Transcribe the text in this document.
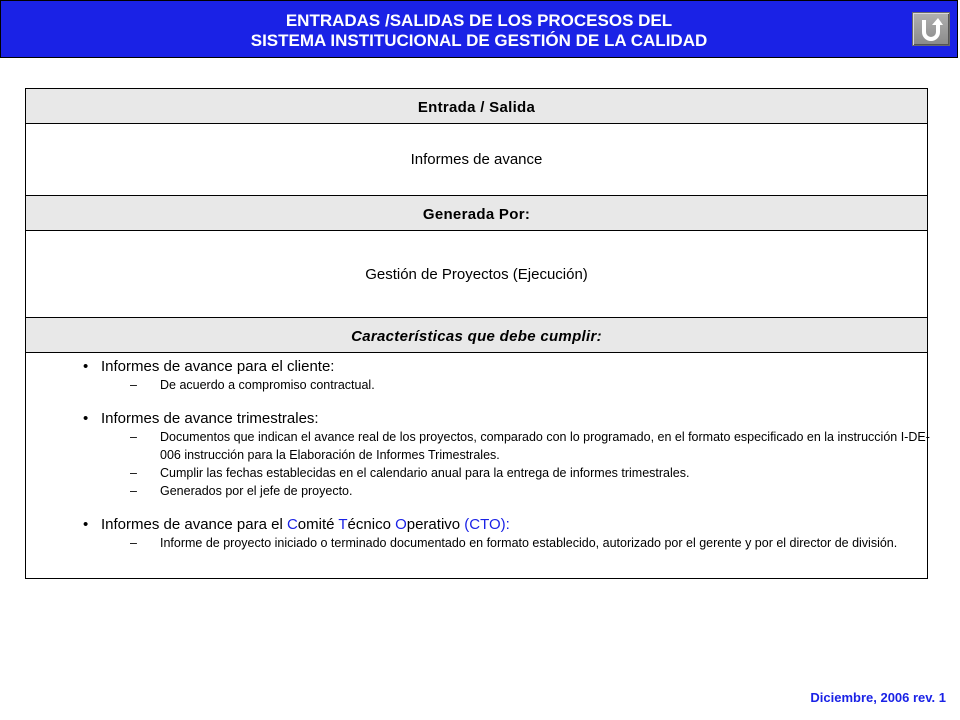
ENTRADAS /SALIDAS DE LOS PROCESOS DEL
SISTEMA INSTITUCIONAL DE GESTIÓN DE LA CALIDAD
Entrada / Salida
Informes de avance
Generada Por:
Gestión de Proyectos (Ejecución)
Características que debe cumplir:
• Informes de avance para el cliente:
– De acuerdo a compromiso contractual.
• Informes de avance trimestrales:
– Documentos que indican el avance real de los proyectos, comparado con lo programado, en el formato especificado en la instrucción I-DE-006 instrucción para la Elaboración de Informes Trimestrales.
– Cumplir las fechas establecidas en el calendario anual para la entrega de informes trimestrales.
– Generados por el jefe de proyecto.
• Informes de avance para el Comité Técnico Operativo (CTO):
– Informe de proyecto iniciado o terminado documentado en formato establecido, autorizado por el gerente y por el director de división.
Diciembre, 2006 rev. 1
